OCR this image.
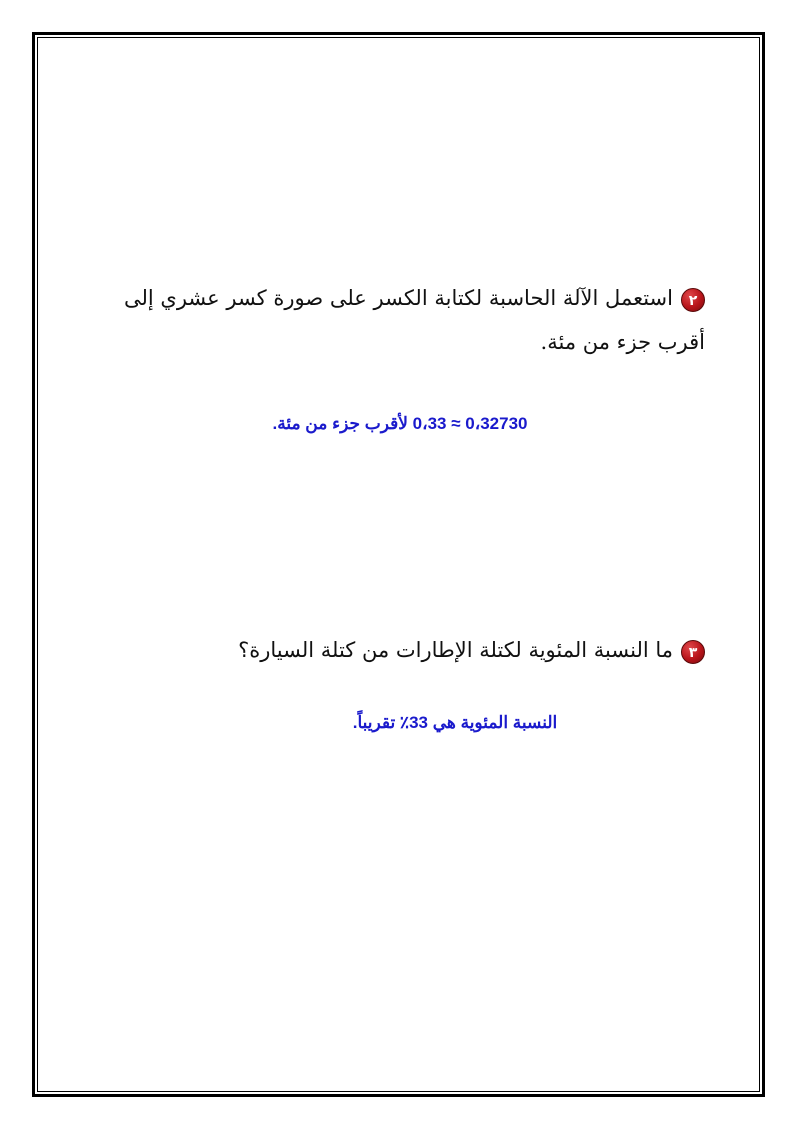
٢استعمل الآلة الحاسبة لكتابة الكسر على صورة كسر عشري إلى أقرب جزء من مئة.
0،32730 ≈ 0،33 لأقرب جزء من مئة.
٣ما النسبة المئوية لكتلة الإطارات من كتلة السيارة؟
النسبة المئوية هي 33٪ تقريباً.
